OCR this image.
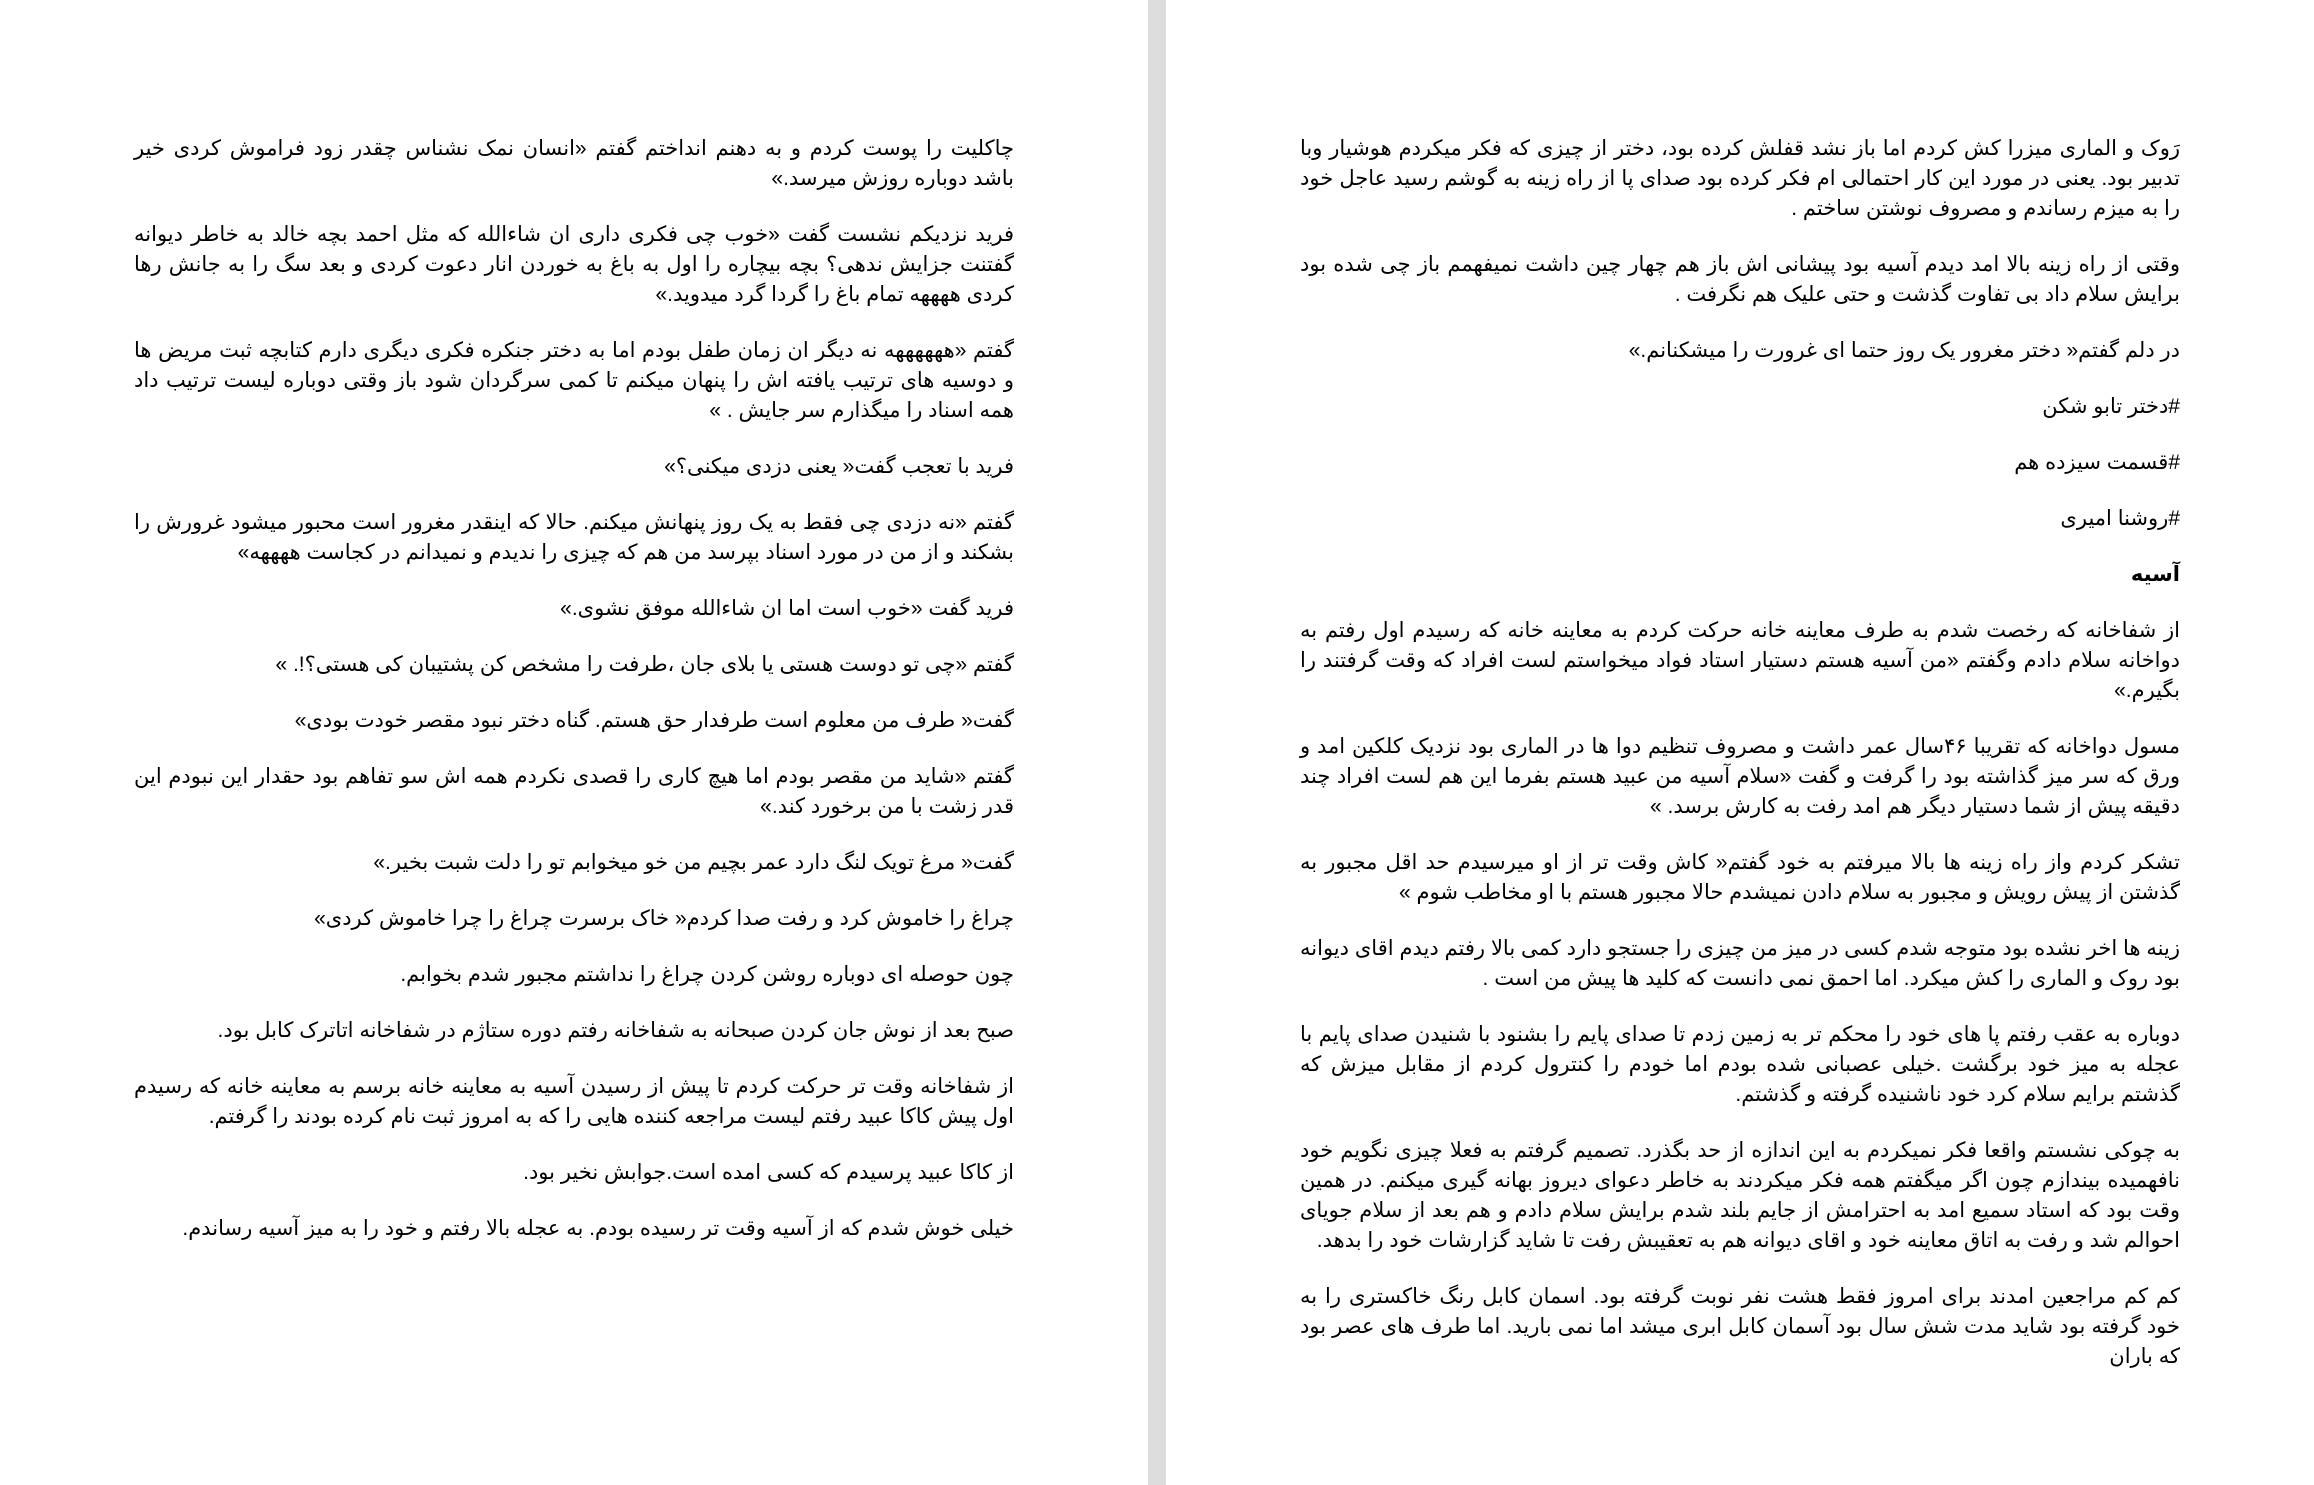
چاکلیت را پوست کردم و به دهنم انداختم گفتم «انسان نمک نشناس چقدر زود فراموش کردی خیر باشد دوباره روزش میرسد.»

فرید نزدیکم نشست گفت «خوب چی فکری داری ان شاءالله که مثل احمد بچه خالد به خاطر دیوانه گفتنت جزایش ندهی؟ بچه بیچاره را اول به باغ به خوردن انار دعوت کردی و بعد سگ را به جانش رها کردی ههههه تمام باغ را گردا گرد میدوید.»

گفتم «ههههههه نه دیگر ان زمان طفل بودم اما به دختر جنکره فکری دیگری دارم کتابچه ثبت مریض ها و دوسیه های ترتیب یافته اش را پنهان میکنم تا کمی سرگردان شود باز وقتی دوباره لیست ترتیب داد همه اسناد را میگذارم سر جایش . »

فرید با تعجب گفت« یعنی دزدی میکنی؟»

گفتم «نه دزدی چی فقط به یک روز پنهانش میکنم. حالا که اینقدر مغرور است محبور میشود غرورش را بشکند و از من در مورد اسناد بپرسد من هم که چیزی را ندیدم و نمیدانم در کجاست ههههه»

فرید گفت «خوب است اما ان شاءالله موفق نشوی.»

گفتم «چی تو دوست هستی یا بلای جان ،طرفت را مشخص کن پشتیبان کی هستی؟!. »

گفت« طرف من معلوم است طرفدار حق هستم. گناه دختر نبود مقصر خودت بودی»

گفتم «شاید من مقصر بودم اما هیچ کاری را قصدی نکردم همه اش سو تفاهم بود حقدار این نبودم این قدر زشت با من برخورد کند.»

گفت« مرغ تویک لنگ دارد عمر بچیم من خو میخوابم تو را دلت شبت بخیر.»

چراغ را خاموش کرد و رفت صدا کردم« خاک برسرت چراغ را چرا خاموش کردی»

چون حوصله ای دوباره روشن کردن چراغ را نداشتم مجبور شدم بخوابم.

صبح بعد از نوش جان کردن صبحانه به شفاخانه رفتم دوره ستاژم در شفاخانه اتاترک کابل بود.

از شفاخانه وقت تر حرکت کردم تا پیش از رسیدن آسیه به معاینه خانه برسم به معاینه خانه که رسیدم اول پیش کاکا عبید رفتم لیست مراجعه کننده هایی را که به امروز ثبت نام کرده بودند را گرفتم.

از کاکا عبید پرسیدم که کسی امده است.جوابش نخیر بود.

خیلی خوش شدم که از آسیه وقت تر رسیده بودم. به عجله بالا رفتم و خود را به میز آسیه رساندم.

رَوک و الماری میزرا کش کردم اما باز نشد قفلش کرده بود، دختر از چیزی که فکر میکردم هوشیار وبا تدبیر بود. یعنی در مورد این کار احتمالی ام فکر کرده بود صدای پا از راه زینه به گوشم رسید عاجل خود را به میزم رساندم و مصروف نوشتن ساختم .

وقتی از راه زینه بالا امد دیدم آسیه بود پیشانی اش باز هم چهار چین داشت نمیفهمم باز چی شده بود برایش سلام داد بی تفاوت گذشت و حتی علیک هم نگرفت .

در دلم گفتم« دختر مغرور یک روز حتما ای غرورت را میشکنانم.»

#دختر تابو شکن

#قسمت سیزده هم

#روشنا امیری

آسیه

از شفاخانه که رخصت شدم به طرف معاینه خانه حرکت کردم به معاینه خانه که رسیدم اول رفتم به دواخانه سلام دادم وگفتم «من آسیه هستم دستیار استاد فواد میخواستم لست افراد که وقت گرفتند را بگیرم.»

مسول دواخانه که تقریبا ۴۶سال عمر داشت و مصروف تنظیم دوا ها در الماری بود نزدیک کلکین امد و ورق که سر میز گذاشته بود را گرفت و گفت «سلام آسیه من عبید هستم بفرما این هم لست افراد چند دقیقه پیش از شما دستیار دیگر هم امد رفت به کارش برسد. »

تشکر کردم واز راه زینه ها بالا میرفتم به خود گفتم« کاش وقت تر از او میرسیدم حد اقل مجبور به گذشتن از پیش رویش و مجبور به سلام دادن نمیشدم حالا مجبور هستم با او مخاطب شوم »

زینه ها اخر نشده بود متوجه شدم کسی در میز من چیزی را جستجو دارد کمی بالا رفتم دیدم اقای دیوانه بود روک و الماری را کش میکرد. اما احمق نمی دانست که کلید ها پیش من است .

دوباره به عقب رفتم پا های خود را محکم تر به زمین زدم تا صدای پایم را بشنود با شنیدن صدای پایم با عجله به میز خود برگشت .خیلی عصبانی شده بودم اما خودم را کنترول کردم از مقابل میزش که گذشتم برایم سلام کرد خود ناشنیده گرفته و گذشتم.

به چوکی نشستم واقعا فکر نمیکردم به این اندازه از حد بگذرد. تصمیم گرفتم به فعلا چیزی نگویم خود نافهمیده بیندازم چون اگر میگفتم همه فکر میکردند به خاطر دعوای دیروز بهانه گیری میکنم. در همین وقت بود که استاد سمیع امد به احترامش از جایم بلند شدم برایش سلام دادم و هم بعد از سلام جویای احوالم شد و رفت به اتاق معاینه خود و اقای دیوانه هم به تعقیبش رفت تا شاید گزارشات خود را بدهد.

کم کم مراجعین امدند برای امروز فقط هشت نفر نوبت گرفته بود. اسمان کابل رنگ خاکستری را به خود گرفته بود شاید مدت شش سال بود آسمان کابل ابری میشد اما نمی بارید. اما طرف های عصر بود که باران
